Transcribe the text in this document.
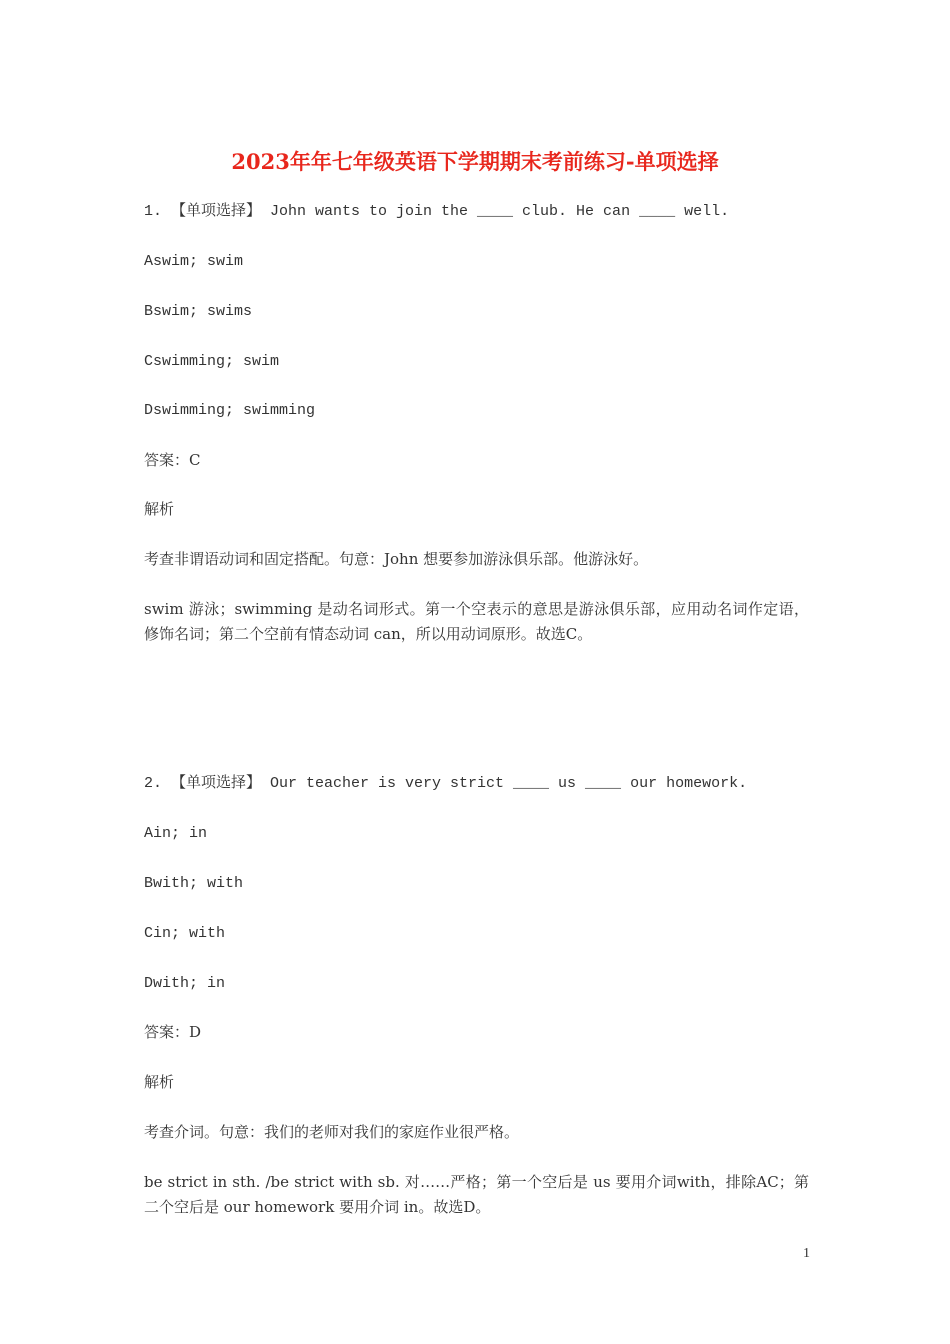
2023年年七年级英语下学期期末考前练习-单项选择
1. 【单项选择】 John wants to join the ____ club. He can ____ well.
Aswim; swim
Bswim; swims
Cswimming; swim
Dswimming; swimming
答案：C
解析
考查非谓语动词和固定搭配。句意：John 想要参加游泳俱乐部。他游泳好。
swim 游泳；swimming 是动名词形式。第一个空表示的意思是游泳俱乐部，应用动名词作定语，修饰名词；第二个空前有情态动词 can，所以用动词原形。故选C。
2. 【单项选择】 Our teacher is very strict ____ us ____ our homework.
Ain; in
Bwith; with
Cin; with
Dwith; in
答案：D
解析
考查介词。句意：我们的老师对我们的家庭作业很严格。
be strict in sth. /be strict with sb. 对……严格；第一个空后是 us 要用介词with，排除AC；第二个空后是 our homework 要用介词 in。故选D。
1
